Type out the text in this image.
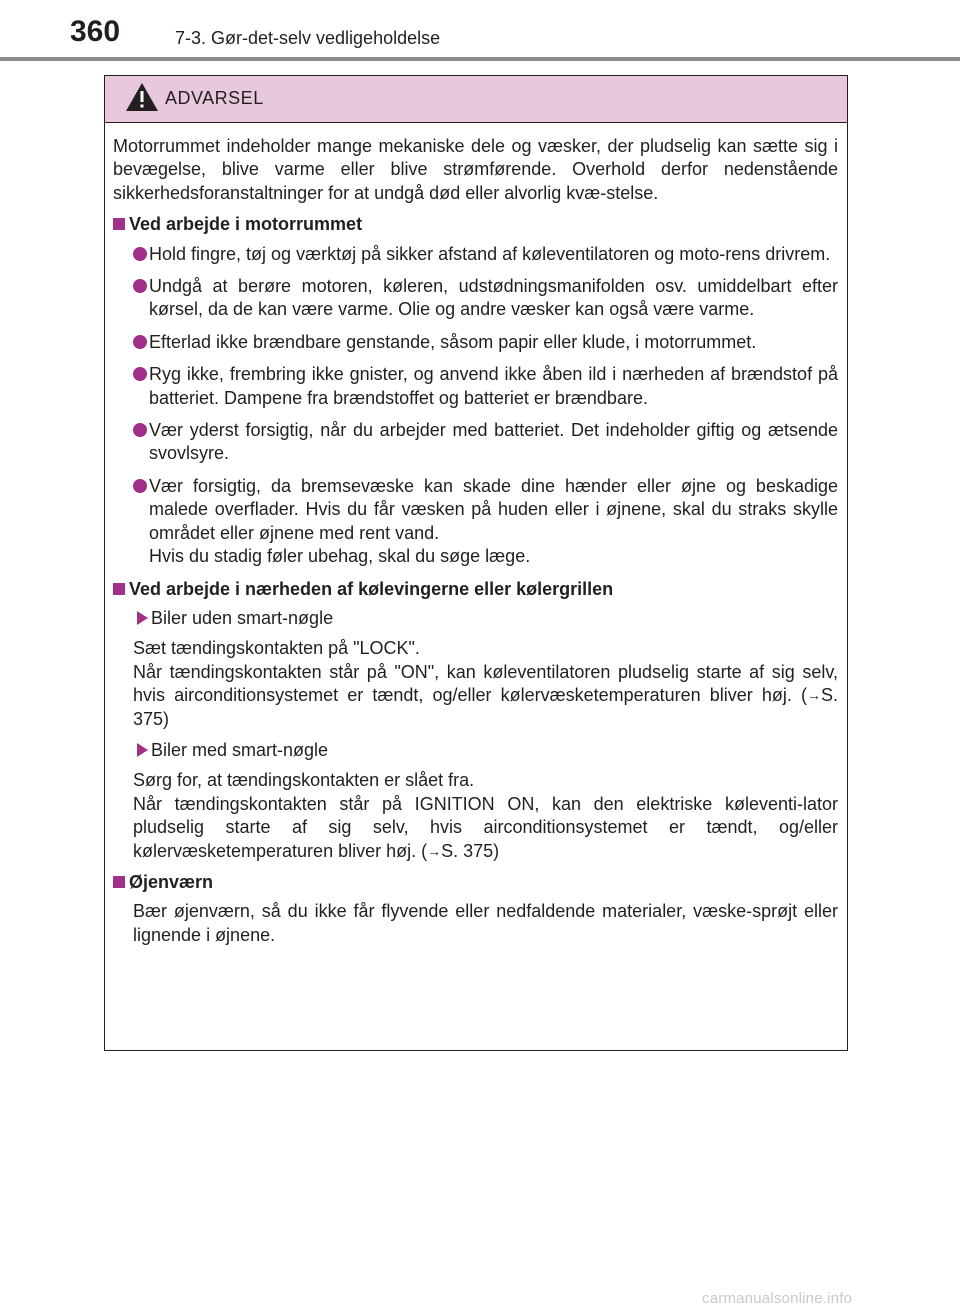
360	7-3. Gør-det-selv vedligeholdelse
ADVARSEL

Motorrummet indeholder mange mekaniske dele og væsker, der pludselig kan sætte sig i bevægelse, blive varme eller blive strømførende. Overhold derfor nedenstående sikkerhedsforanstaltninger for at undgå død eller alvorlig kvæ-stelse.

Ved arbejde i motorrummet
Hold fingre, tøj og værktøj på sikker afstand af køleventilatoren og moto-rens drivrem.
Undgå at berøre motoren, køleren, udstødningsmanifolden osv. umiddelbart efter kørsel, da de kan være varme. Olie og andre væsker kan også være varme.
Efterlad ikke brændbare genstande, såsom papir eller klude, i motorrummet.
Ryg ikke, frembring ikke gnister, og anvend ikke åben ild i nærheden af brændstof på batteriet. Dampene fra brændstoffet og batteriet er brændbare.
Vær yderst forsigtig, når du arbejder med batteriet. Det indeholder giftig og ætsende svovlsyre.
Vær forsigtig, da bremsevæske kan skade dine hænder eller øjne og beskadige malede overflader. Hvis du får væsken på huden eller i øjnene, skal du straks skylle området eller øjnene med rent vand.
Hvis du stadig føler ubehag, skal du søge læge.
Ved arbejde i nærheden af kølevingerne eller kølergrillen
Biler uden smart-nøgle
Sæt tændingskontakten på "LOCK".
Når tændingskontakten står på "ON", kan køleventilatoren pludselig starte af sig selv, hvis airconditionsystemet er tændt, og/eller kølervæsketemperaturen bliver høj. (→S. 375)
Biler med smart-nøgle
Sørg for, at tændingskontakten er slået fra.
Når tændingskontakten står på IGNITION ON, kan den elektriske køleventi-lator pludselig starte af sig selv, hvis airconditionsystemet er tændt, og/eller kølervæsketemperaturen bliver høj. (→S. 375)
Øjenværn
Bær øjenværn, så du ikke får flyvende eller nedfaldende materialer, væske-sprøjt eller lignende i øjnene.
carmanualsonline.info
